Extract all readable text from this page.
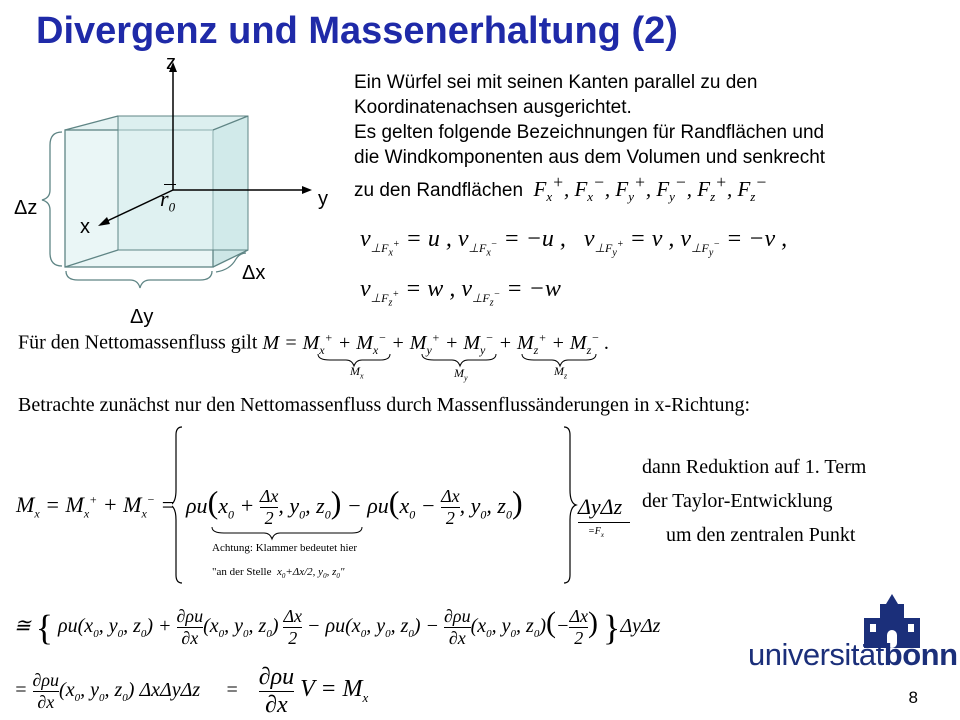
Divergenz und Massenerhaltung (2)
z
y
x
$r_0$
Δz
Δx
Δy
Ein Würfel sei mit seinen Kanten parallel zu den
Koordinatenachsen ausgerichtet.
Es gelten folgende Bezeichnungen für Randflächen und
die Windkomponenten aus dem Volumen und senkrecht
zu den Randflächen  $F_x^+$, $F_x^-$, $F_y^+$, $F_y^-$, $F_z^+$, $F_z^-$
$v_{\perp F_x^+} = u$ , $v_{\perp F_x^-} = -u$ ,   $v_{\perp F_y^+} = v$ , $v_{\perp F_y^-} = -v$ ,
$v_{\perp F_z^+} = w$ , $v_{\perp F_z^-} = -w$
Für den Nettomassenfluss gilt $M = M_x^+ + M_x^- + M_y^+ + M_y^- + M_z^+ + M_z^-$ .
$M_x$	$M_y$	$M_z$
Betrachte zunächst nur den Nettomassenfluss durch Massenflussänderungen in x-Richtung:
$M_x = M_x^+ + M_x^- = \rho u(x_0 + \frac{\Delta x}{2}$ , $y_0$, $z_0) - \rho u(x_0 - \frac{\Delta x}{2}$ , $y_0$, $z_0$)	ΔyΔz
$=F_x$
Achtung: Klammer bedeutet hier
"an der Stelle $x_0+\Delta x/2$, $y_0$, $z_0$"
dann Reduktion auf 1. Term
der Taylor-Entwicklung
um den zentralen Punkt
≅ { $\rho u(x_0$, $y_0$, $z_0) + \frac{\partial\rho u}{\partial x} (x_0$, $y_0$, $z_0) \frac{\Delta x}{2} - \rho u(x_0$, $y_0$, $z_0) - \frac{\partial\rho u}{\partial x} (x_0$, $y_0$, $z_0)(- \frac{\Delta x}{2}$ ) }ΔyΔz
= $\frac{\partial\rho u}{\partial x} (x_0$, $y_0$, $z_0$) ΔxΔyΔz     = $\frac{\partial\rho u}{\partial x}$ $V = M_x$
universitätbonn
8
